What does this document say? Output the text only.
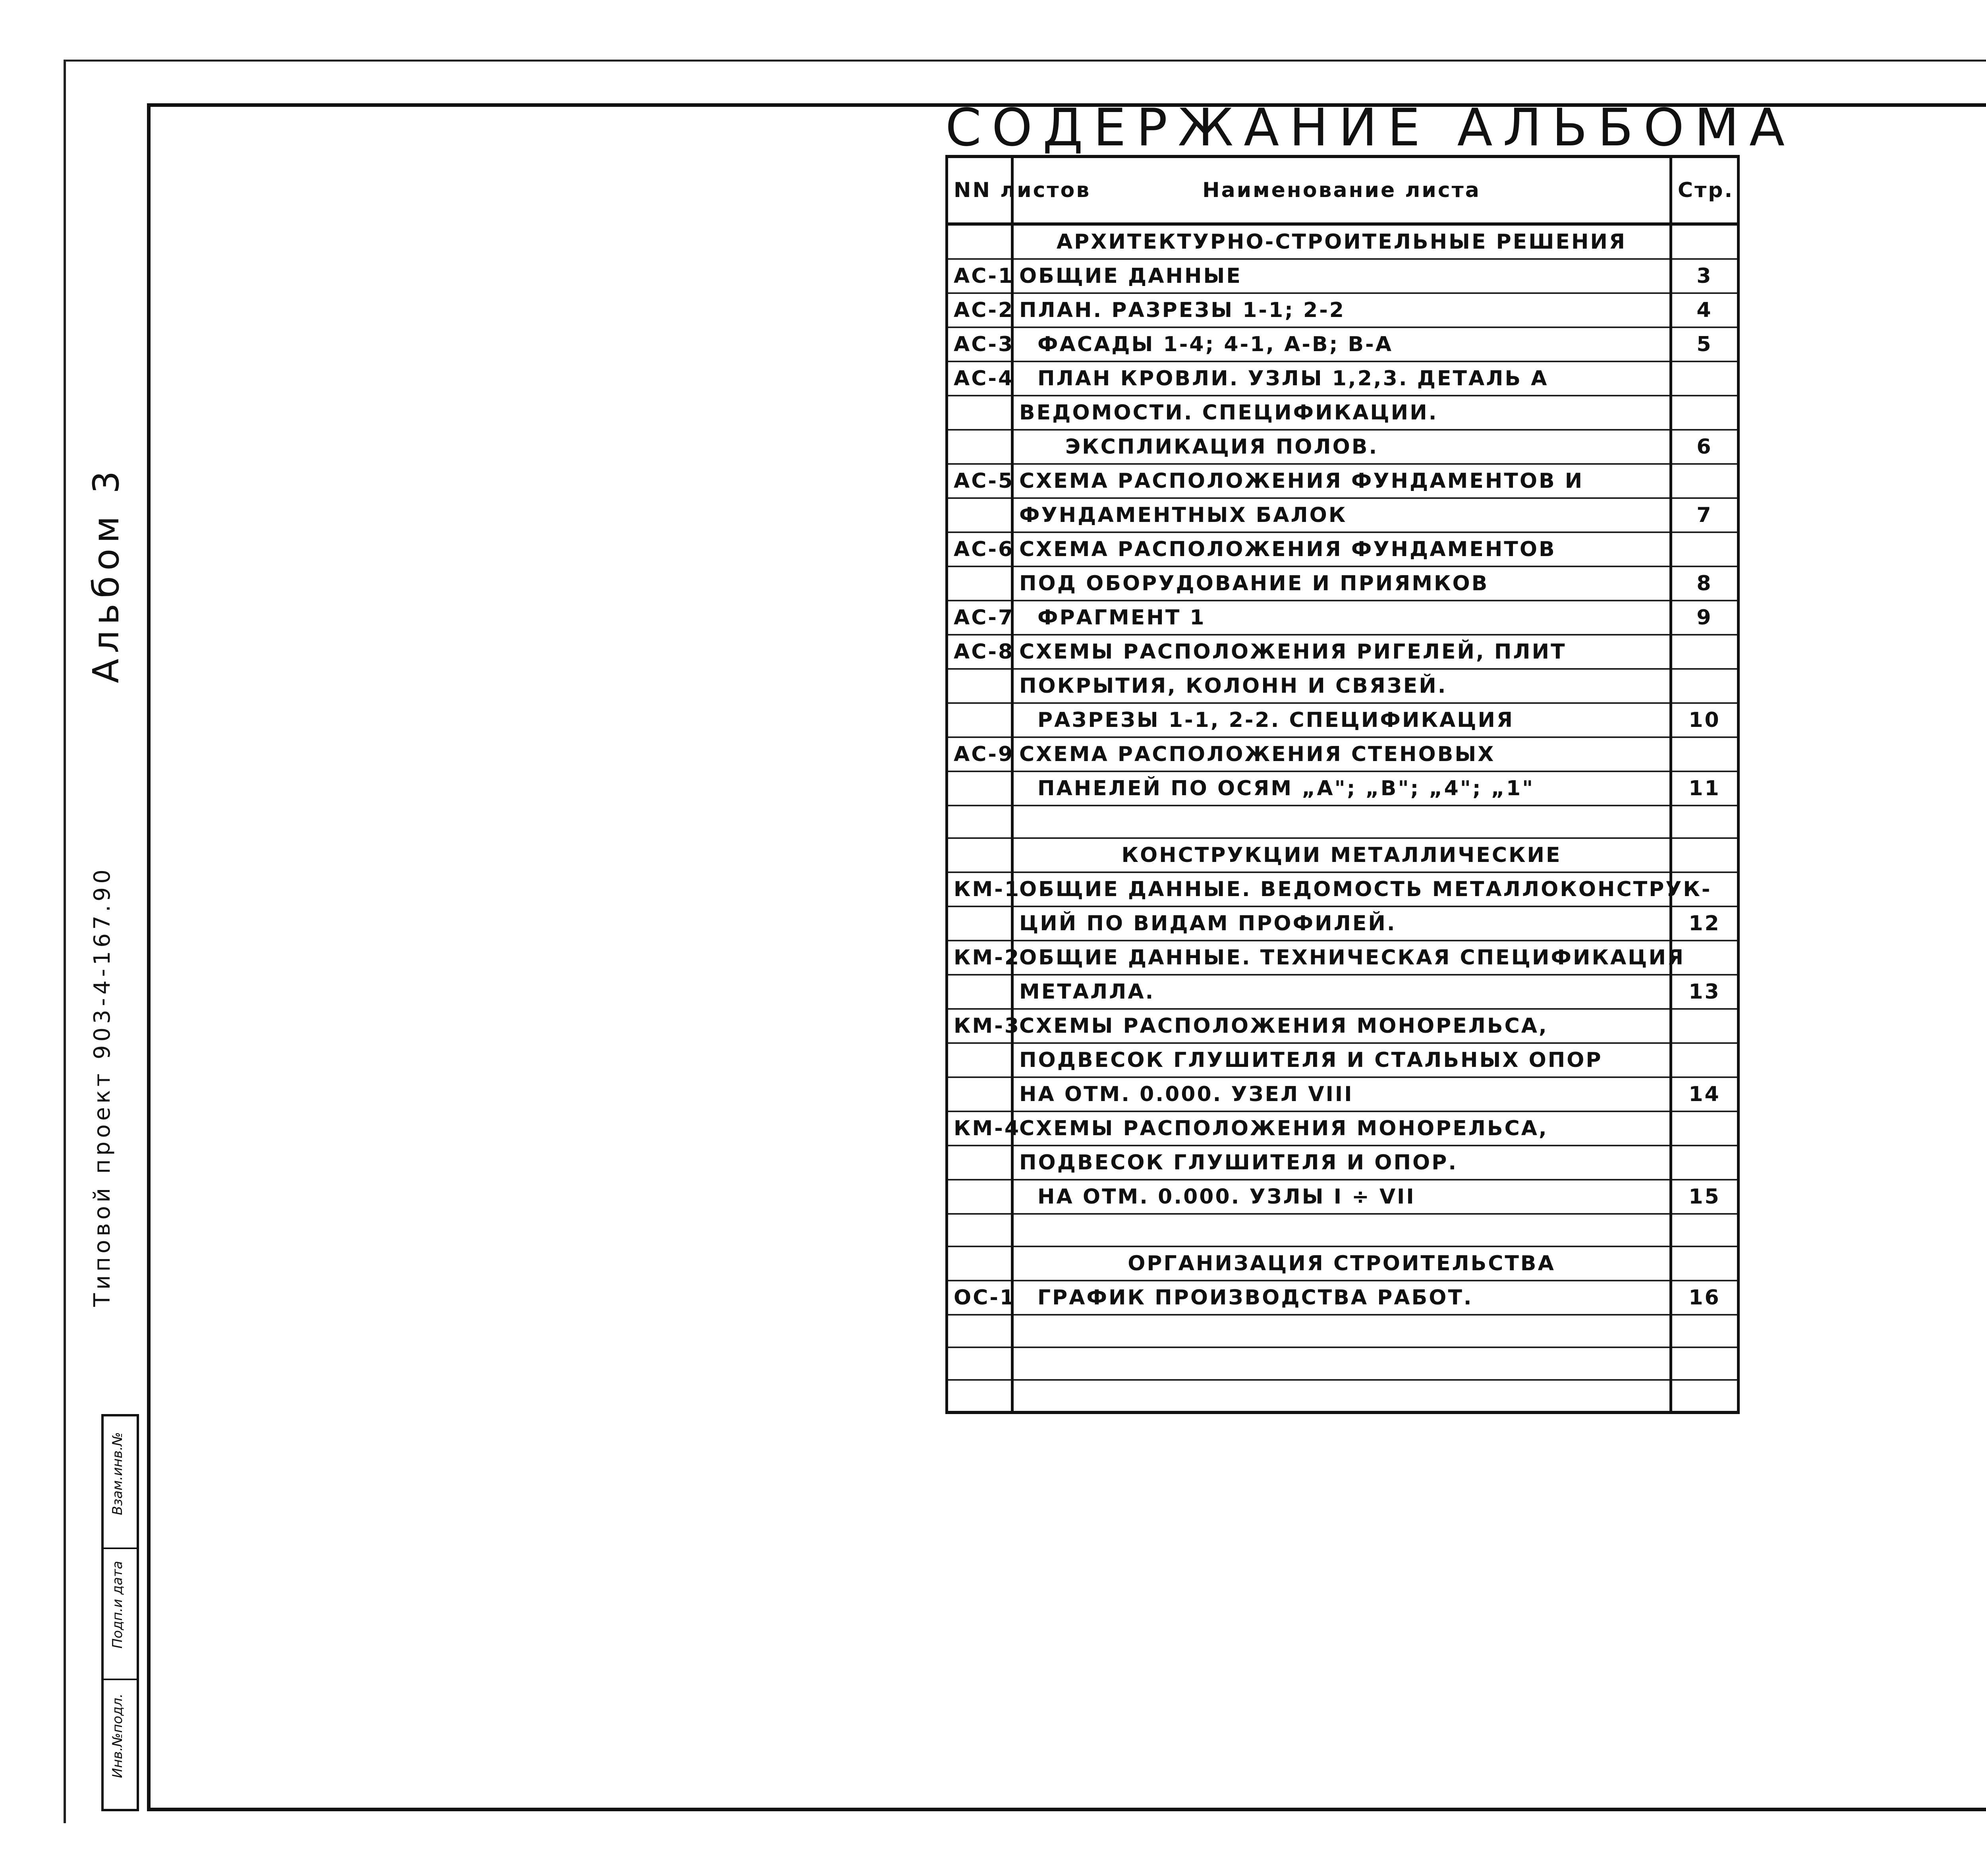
Альбом 3
Типовой проект 903-4-167.90
Инв.№подл.Подп.и датаВзам.инв.№
СОДЕРЖАНИЕ АЛЬБОМА
NN листов	Наименование листа	Стр.
	АРХИТЕКТУРНО-СТРОИТЕЛЬНЫЕ РЕШЕНИЯ	
АС-1	ОБЩИЕ ДАННЫЕ	3
АС-2	ПЛАН. РАЗРЕЗЫ 1-1; 2-2	4
АС-3	ФАСАДЫ 1-4; 4-1, А-В; В-А	5
АС-4	ПЛАН КРОВЛИ. УЗЛЫ 1,2,3. ДЕТАЛЬ А	
	ВЕДОМОСТИ. СПЕЦИФИКАЦИИ.	
	ЭКСПЛИКАЦИЯ ПОЛОВ.	6
АС-5	СХЕМА РАСПОЛОЖЕНИЯ ФУНДАМЕНТОВ И	
	ФУНДАМЕНТНЫХ БАЛОК	7
АС-6	СХЕМА РАСПОЛОЖЕНИЯ ФУНДАМЕНТОВ	
	ПОД ОБОРУДОВАНИЕ И ПРИЯМКОВ	8
АС-7	ФРАГМЕНТ 1	9
АС-8	СХЕМЫ РАСПОЛОЖЕНИЯ РИГЕЛЕЙ, ПЛИТ	
	ПОКРЫТИЯ, КОЛОНН И СВЯЗЕЙ.	
	РАЗРЕЗЫ 1-1, 2-2. СПЕЦИФИКАЦИЯ	10
АС-9	СХЕМА РАСПОЛОЖЕНИЯ СТЕНОВЫХ	
	ПАНЕЛЕЙ ПО ОСЯМ „А"; „В"; „4"; „1"	11

	КОНСТРУКЦИИ МЕТАЛЛИЧЕСКИЕ	
КМ-1	ОБЩИЕ ДАННЫЕ. ВЕДОМОСТЬ МЕТАЛЛОКОНСТРУК-	
	ЦИЙ ПО ВИДАМ ПРОФИЛЕЙ.	12
КМ-2	ОБЩИЕ ДАННЫЕ. ТЕХНИЧЕСКАЯ СПЕЦИФИКАЦИЯ	
	МЕТАЛЛА.	13
КМ-3	СХЕМЫ РАСПОЛОЖЕНИЯ МОНОРЕЛЬСА,	
	ПОДВЕСОК ГЛУШИТЕЛЯ И СТАЛЬНЫХ ОПОР	
	НА ОТМ. 0.000. УЗЕЛ VIII	14
КМ-4	СХЕМЫ РАСПОЛОЖЕНИЯ МОНОРЕЛЬСА,	
	ПОДВЕСОК ГЛУШИТЕЛЯ И ОПОР.	
	НА ОТМ. 0.000. УЗЛЫ I ÷ VII	15

	ОРГАНИЗАЦИЯ СТРОИТЕЛЬСТВА	
ОС-1	ГРАФИК ПРОИЗВОДСТВА РАБОТ.	16
